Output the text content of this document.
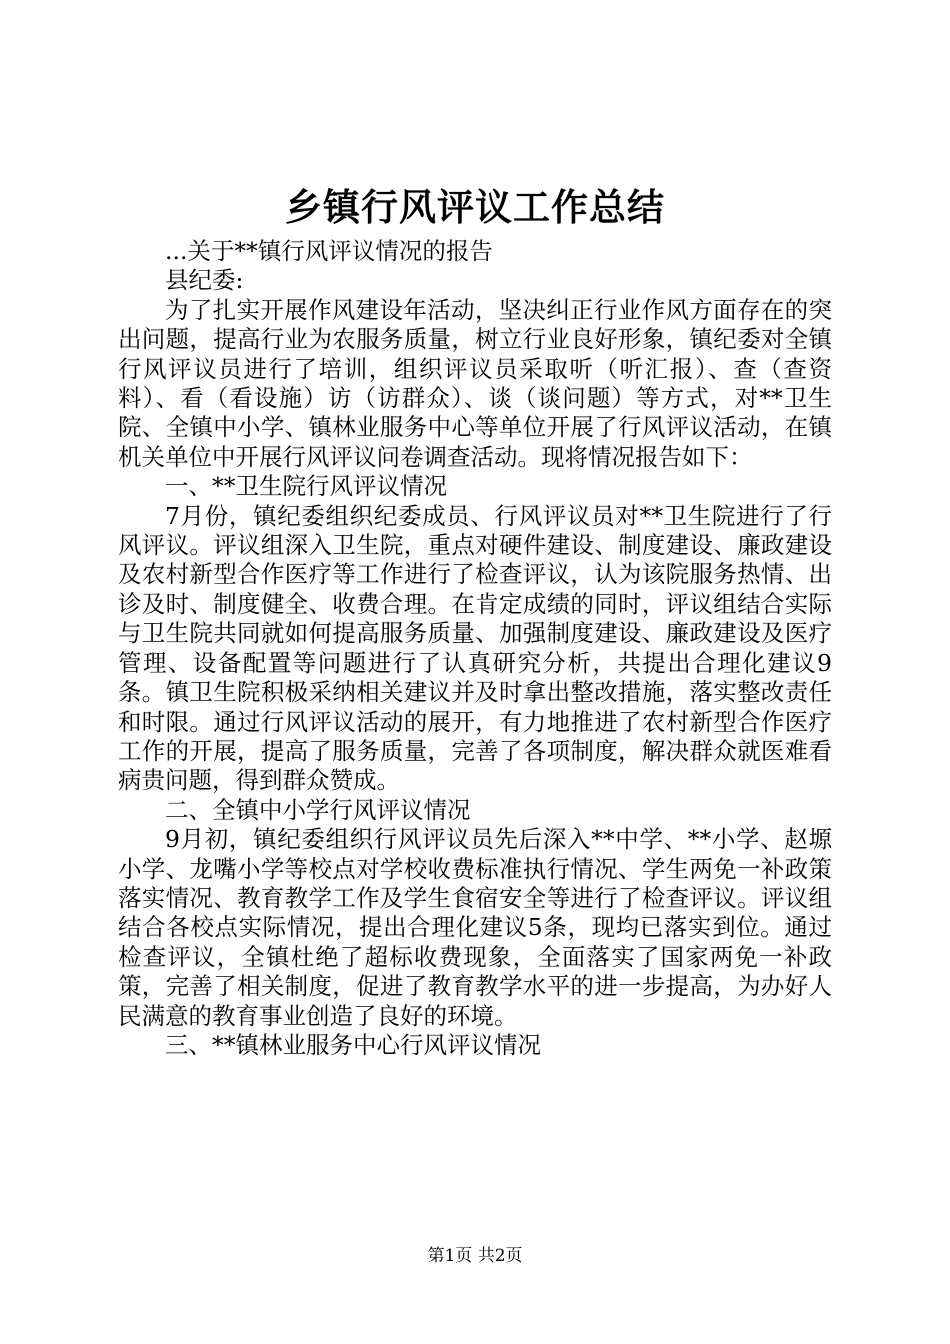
乡镇行风评议工作总结

...关于**镇行风评议情况的报告

县纪委:

为了扎实开展作风建设年活动，坚决纠正行业作风方面存在的突出问题，提高行业为农服务质量，树立行业良好形象，镇纪委对全镇行风评议员进行了培训，组织评议员采取听（听汇报）、查（查资料）、看（看设施）访（访群众）、谈（谈问题）等方式，对**卫生院、全镇中小学、镇林业服务中心等单位开展了行风评议活动，在镇机关单位中开展行风评议问卷调查活动。现将情况报告如下：

一、**卫生院行风评议情况

7月份，镇纪委组织纪委成员、行风评议员对**卫生院进行了行风评议。评议组深入卫生院，重点对硬件建设、制度建设、廉政建设及农村新型合作医疗等工作进行了检查评议，认为该院服务热情、出诊及时、制度健全、收费合理。在肯定成绩的同时，评议组结合实际与卫生院共同就如何提高服务质量、加强制度建设、廉政建设及医疗管理、设备配置等问题进行了认真研究分析，共提出合理化建议9条。镇卫生院积极采纳相关建议并及时拿出整改措施，落实整改责任和时限。通过行风评议活动的展开，有力地推进了农村新型合作医疗工作的开展，提高了服务质量，完善了各项制度，解决群众就医难看病贵问题，得到群众赞成。

二、全镇中小学行风评议情况

9月初，镇纪委组织行风评议员先后深入**中学、**小学、赵塬小学、龙嘴小学等校点对学校收费标准执行情况、学生两免一补政策落实情况、教育教学工作及学生食宿安全等进行了检查评议。评议组结合各校点实际情况，提出合理化建议5条，现均已落实到位。通过检查评议，全镇杜绝了超标收费现象，全面落实了国家两免一补政策，完善了相关制度，促进了教育教学水平的进一步提高，为办好人民满意的教育事业创造了良好的环境。

三、**镇林业服务中心行风评议情况

第1页 共2页
